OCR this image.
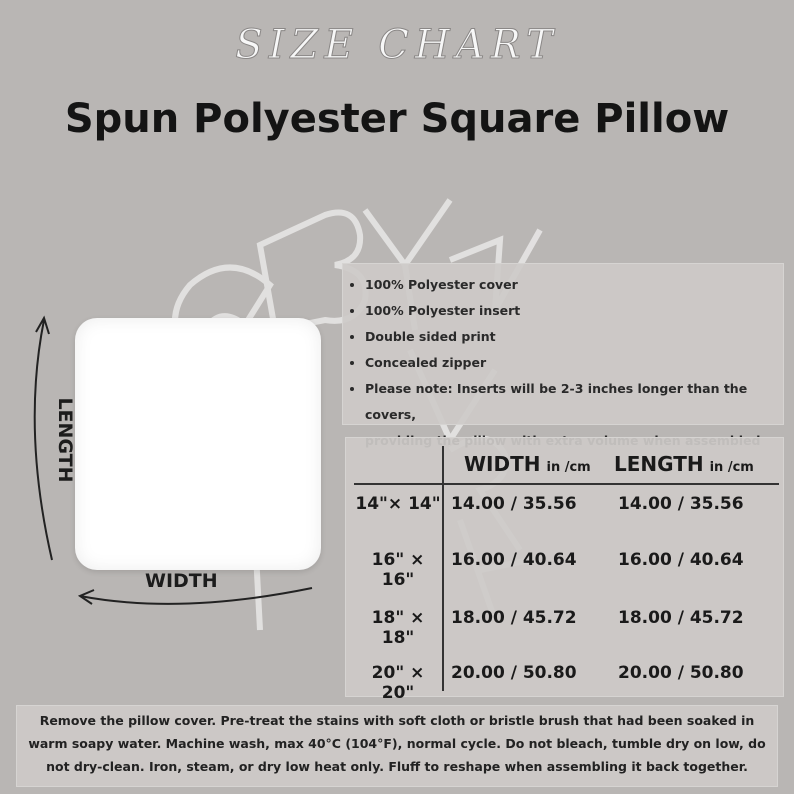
SIZE CHART
Spun Polyester Square Pillow
LENGTH
WIDTH
• 100% Polyester cover
• 100% Polyester insert
• Double sided print
• Concealed zipper
• Please note: Inserts will be 2-3 inches longer than the covers,
WIDTH in /cm LENGTH in /cm
14"× 14" 14.00 / 35.56 14.00 / 35.56
16" × 16"
16.00 / 40.64 16.00 / 40.64
18" × 18"
18.00 / 45.72 18.00 / 45.72
20" × 20"
20.00 / 50.80 20.00 / 50.80
Remove the pillow cover. Pre-treat the stains with soft cloth or bristle brush that had been soaked in
warm soapy water. Machine wash, max 40°C (104°F), normal cycle. Do not bleach, tumble dry on low, do
not dry-clean. Iron, steam, or dry low heat only. Fluff to reshape when assembling it back together.
